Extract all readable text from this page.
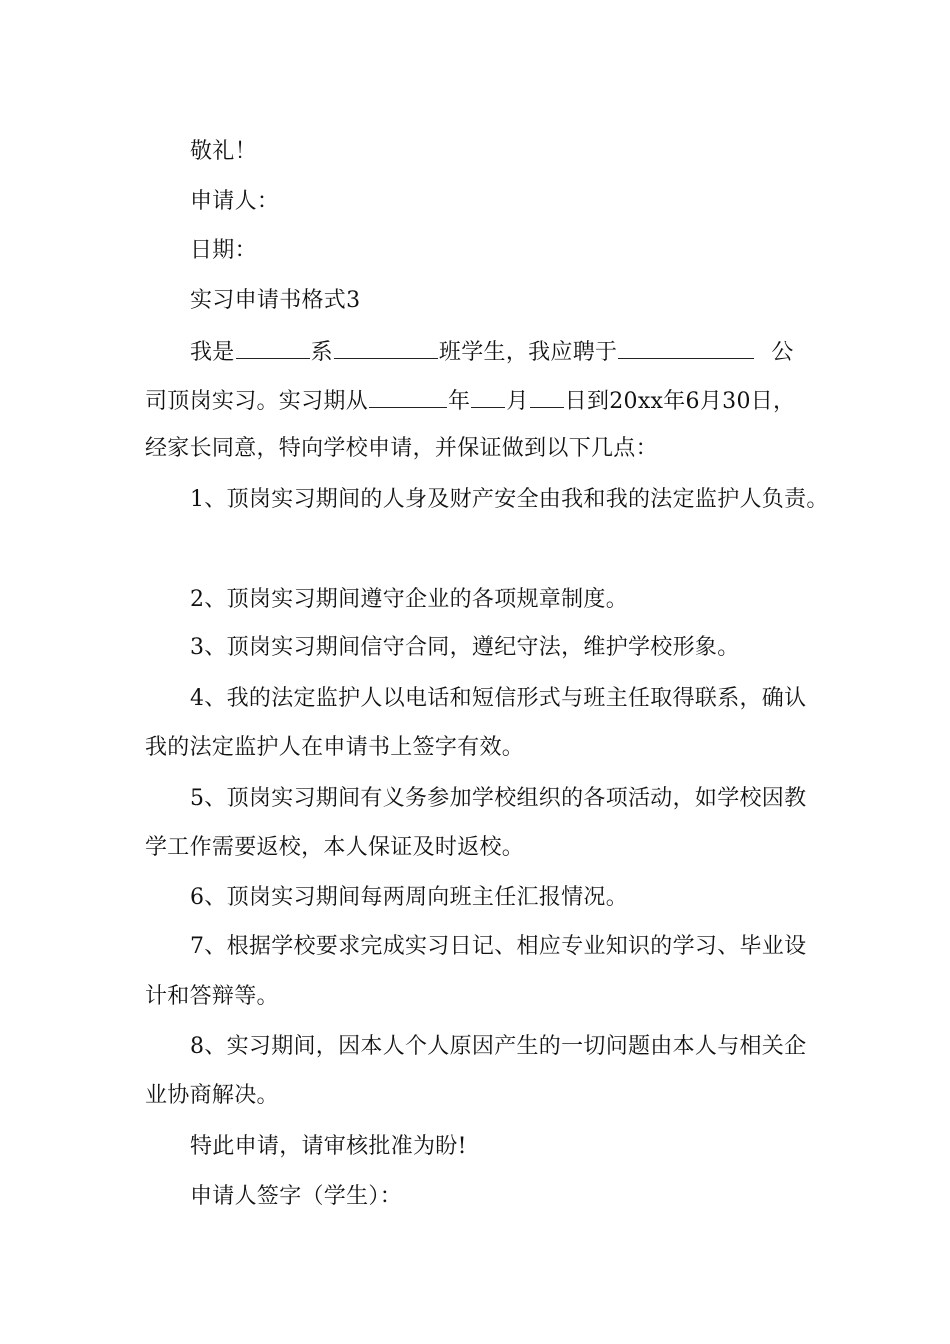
敬礼！
申请人：
日期：
实习申请书格式3
我是	系	班学生，我应聘于	公
司顶岗实习。实习期从	年 月 日到20xx年6月30日，
经家长同意，特向学校申请，并保证做到以下几点：
1、顶岗实习期间的人身及财产安全由我和我的法定监护人负责。
2、顶岗实习期间遵守企业的各项规章制度。
3、顶岗实习期间信守合同，遵纪守法，维护学校形象。
4、我的法定监护人以电话和短信形式与班主任取得联系，确认
我的法定监护人在申请书上签字有效。
5、顶岗实习期间有义务参加学校组织的各项活动，如学校因教
学工作需要返校，本人保证及时返校。
6、顶岗实习期间每两周向班主任汇报情况。
7、根据学校要求完成实习日记、相应专业知识的学习、毕业设
计和答辩等。
8、实习期间，因本人个人原因产生的一切问题由本人与相关企
业协商解决。
特此申请，请审核批准为盼!
申请人签字（学生）：
